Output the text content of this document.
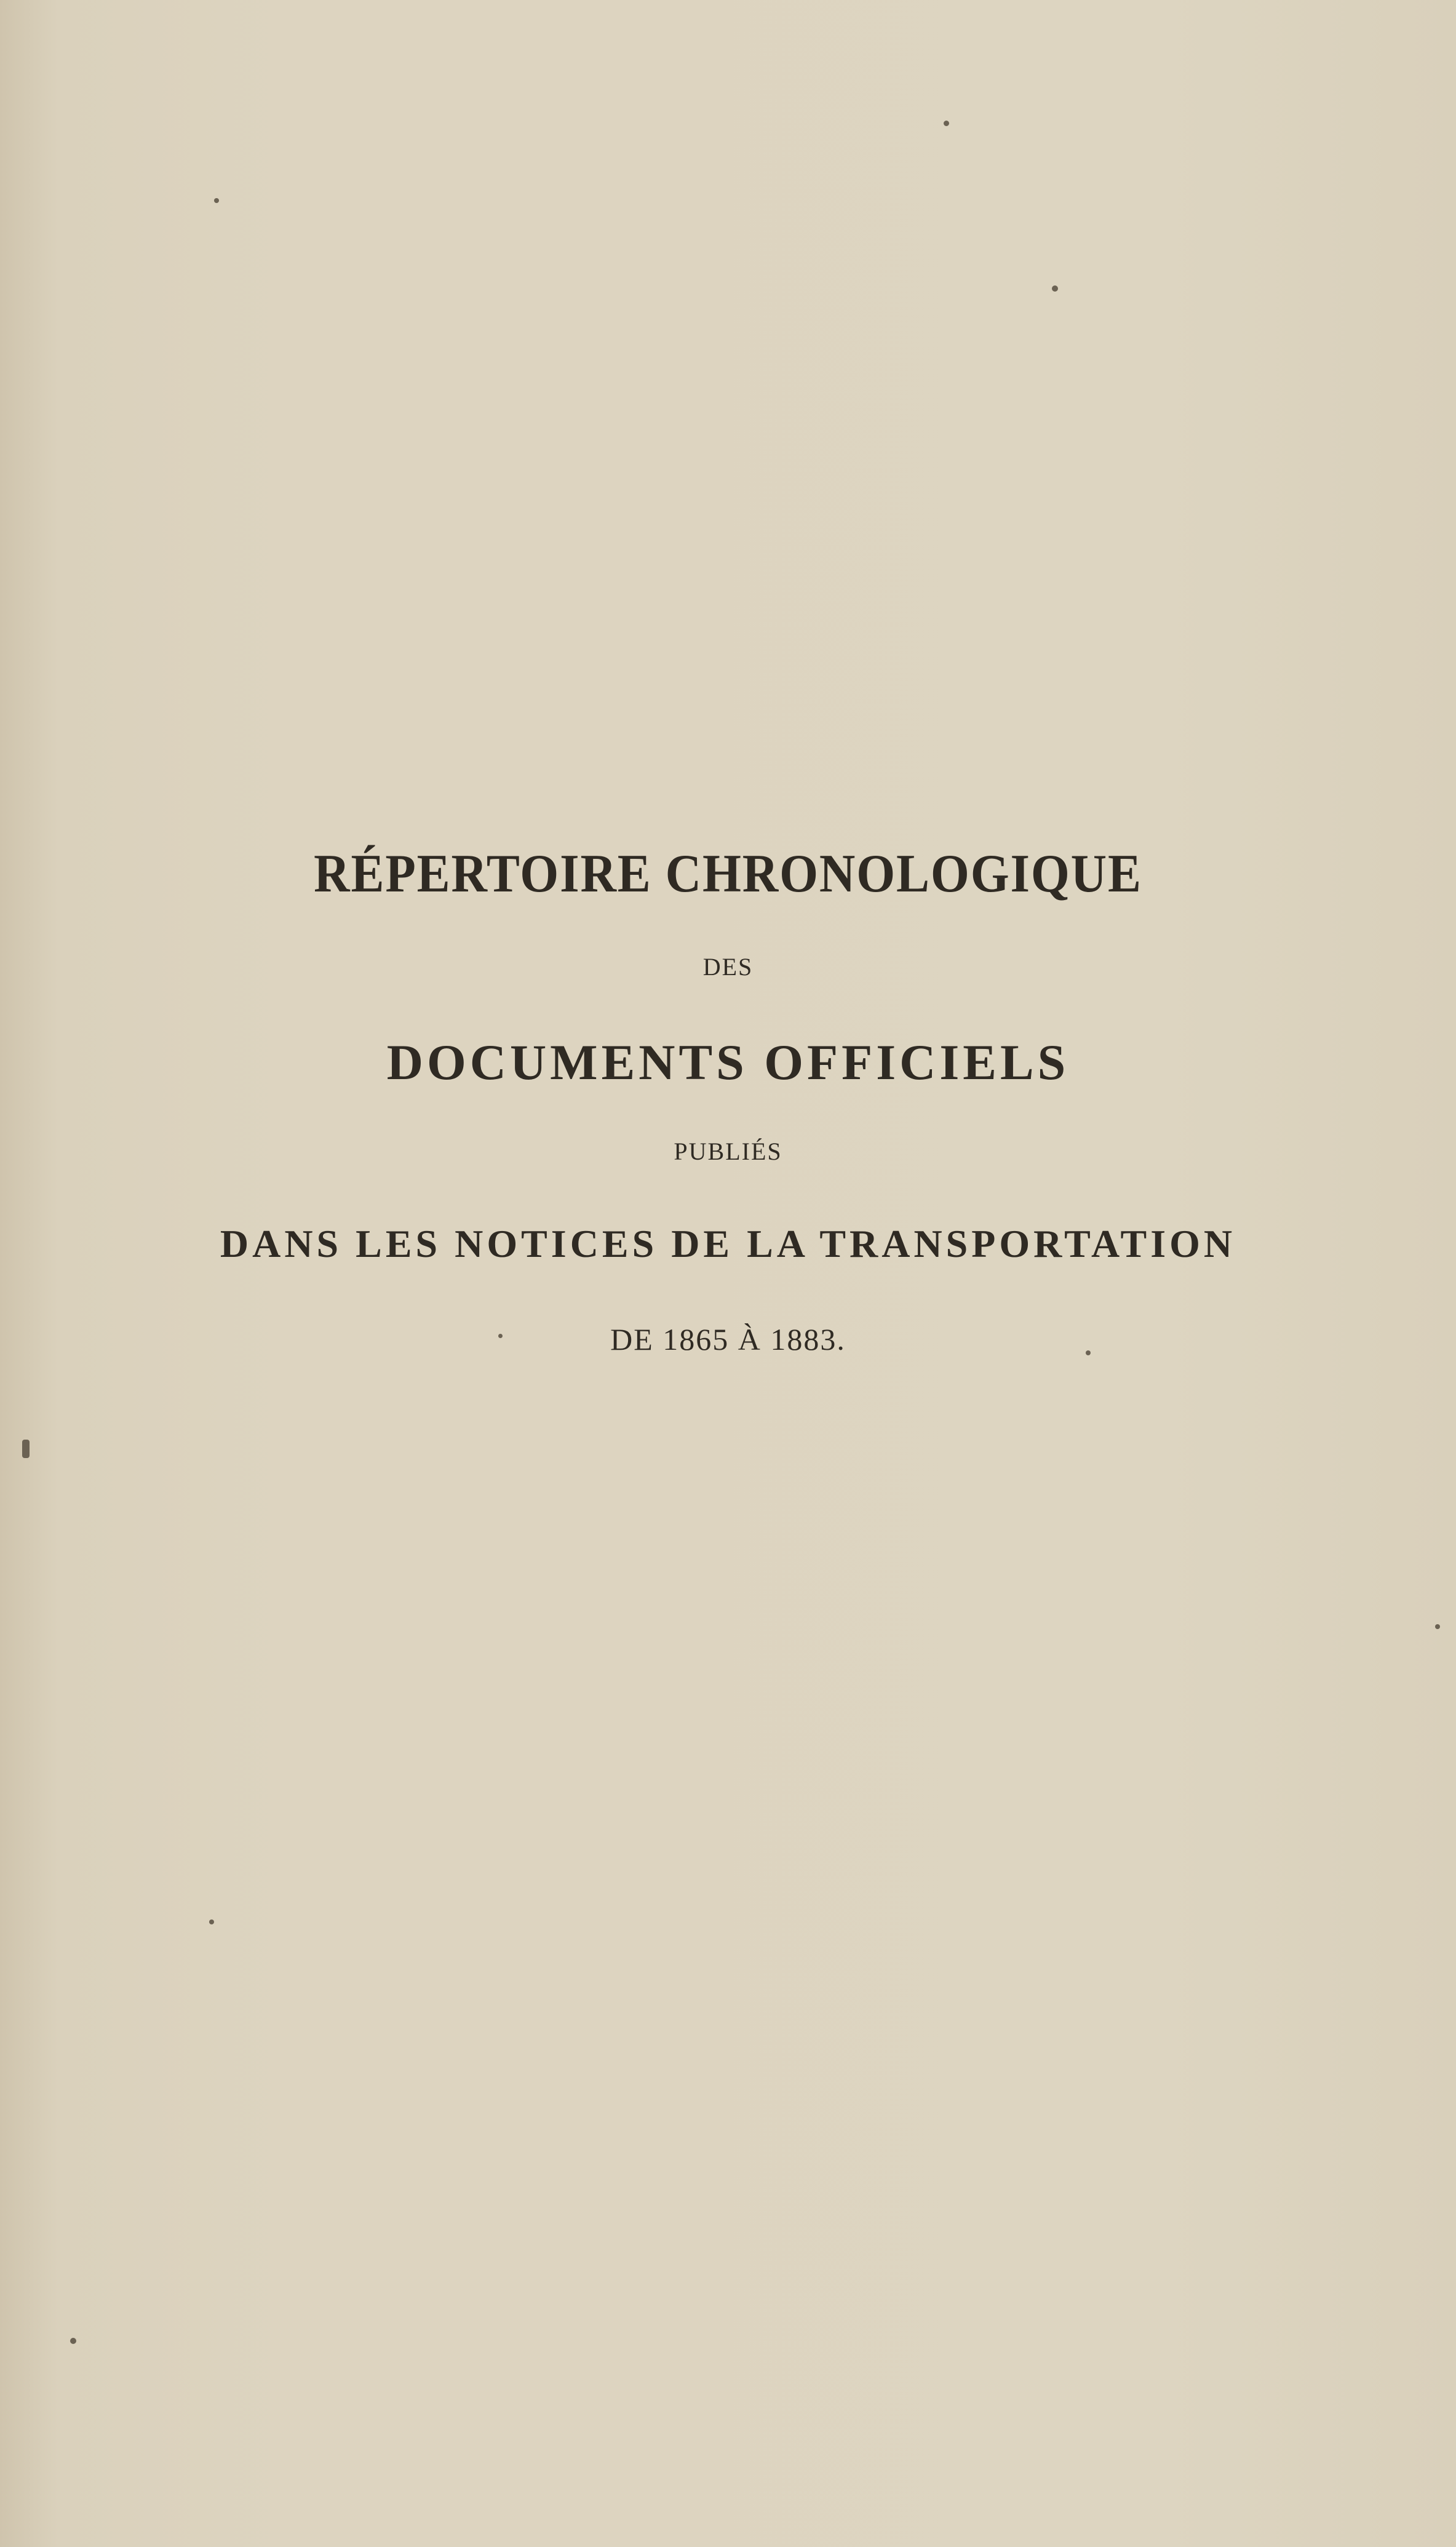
RÉPERTOIRE CHRONOLOGIQUE
DES
DOCUMENTS OFFICIELS
PUBLIÉS
DANS LES NOTICES DE LA TRANSPORTATION
DE 1865 À 1883.
